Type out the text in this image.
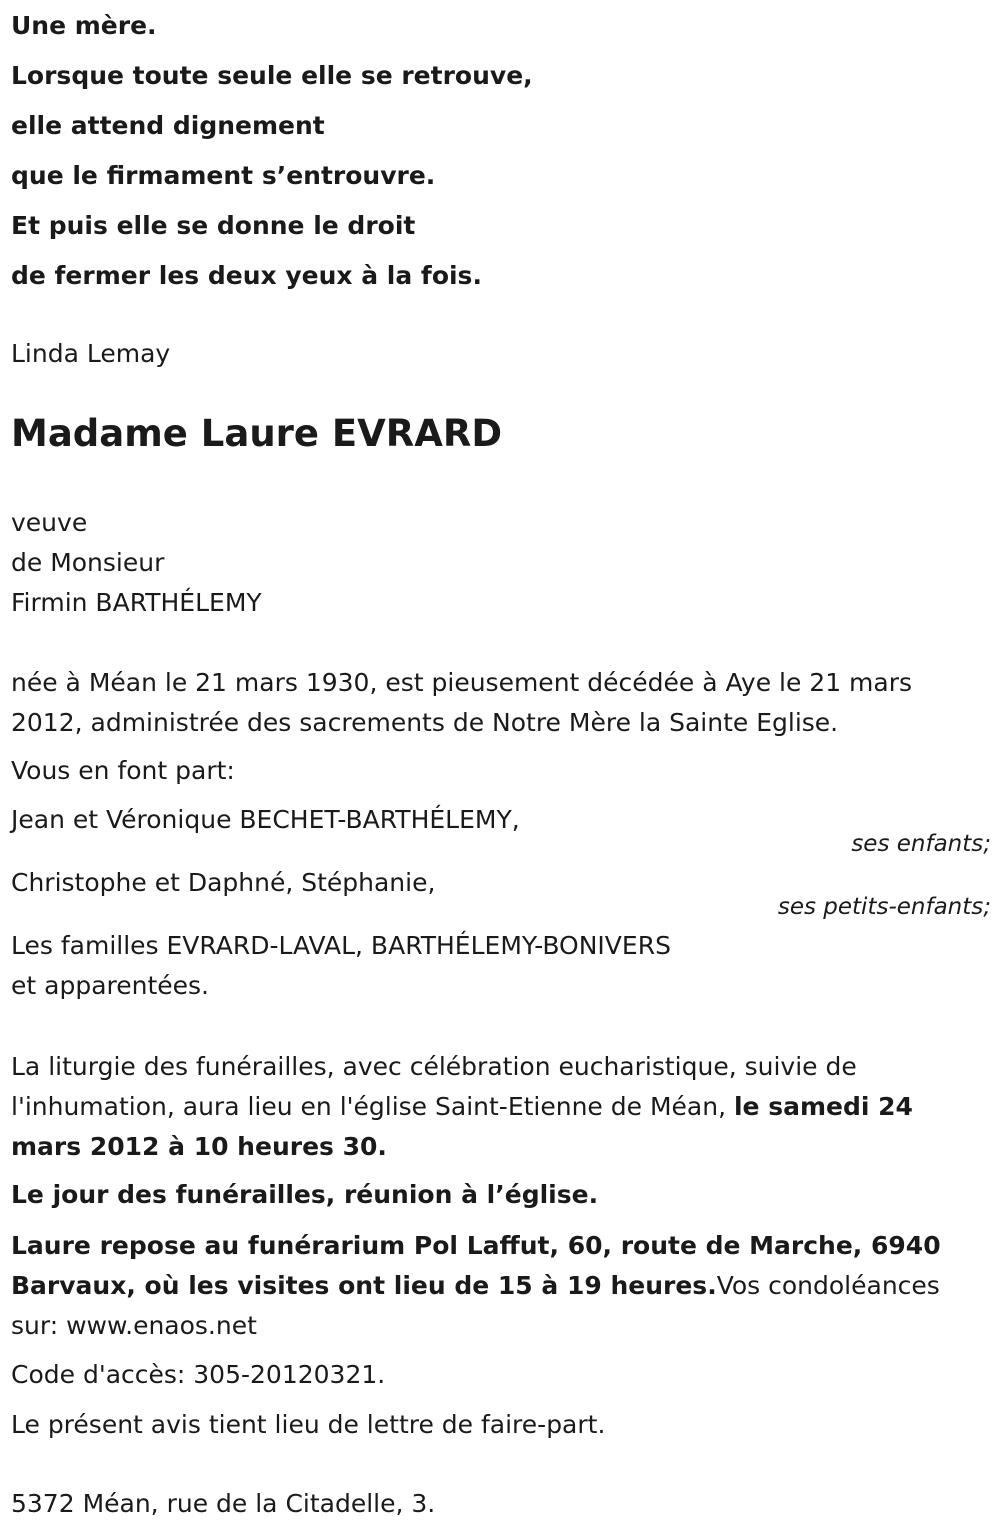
Une mère.
Lorsque toute seule elle se retrouve,
elle attend dignement
que le firmament s’entrouvre.
Et puis elle se donne le droit
de fermer les deux yeux à la fois.
Linda Lemay
Madame Laure EVRARD
veuve
de Monsieur
Firmin BARTHÉLEMY
née à Méan le 21 mars 1930, est pieusement décédée à Aye le 21 mars 2012, administrée des sacrements de Notre Mère la Sainte Eglise.
Vous en font part:
Jean et Véronique BECHET-BARTHÉLEMY,
ses enfants;
Christophe et Daphné, Stéphanie,
ses petits-enfants;
Les familles EVRARD-LAVAL, BARTHÉLEMY-BONIVERS
et apparentées.
La liturgie des funérailles, avec célébration eucharistique, suivie de l'inhumation, aura lieu en l'église Saint-Etienne de Méan, le samedi 24 mars 2012 à 10 heures 30.
Le jour des funérailles, réunion à l’église.
Laure repose au funérarium Pol Laffut, 60, route de Marche, 6940 Barvaux, où les visites ont lieu de 15 à 19 heures.Vos condoléances sur: www.enaos.net
Code d'accès: 305-20120321.
Le présent avis tient lieu de lettre de faire-part.
5372 Méan, rue de la Citadelle, 3.
